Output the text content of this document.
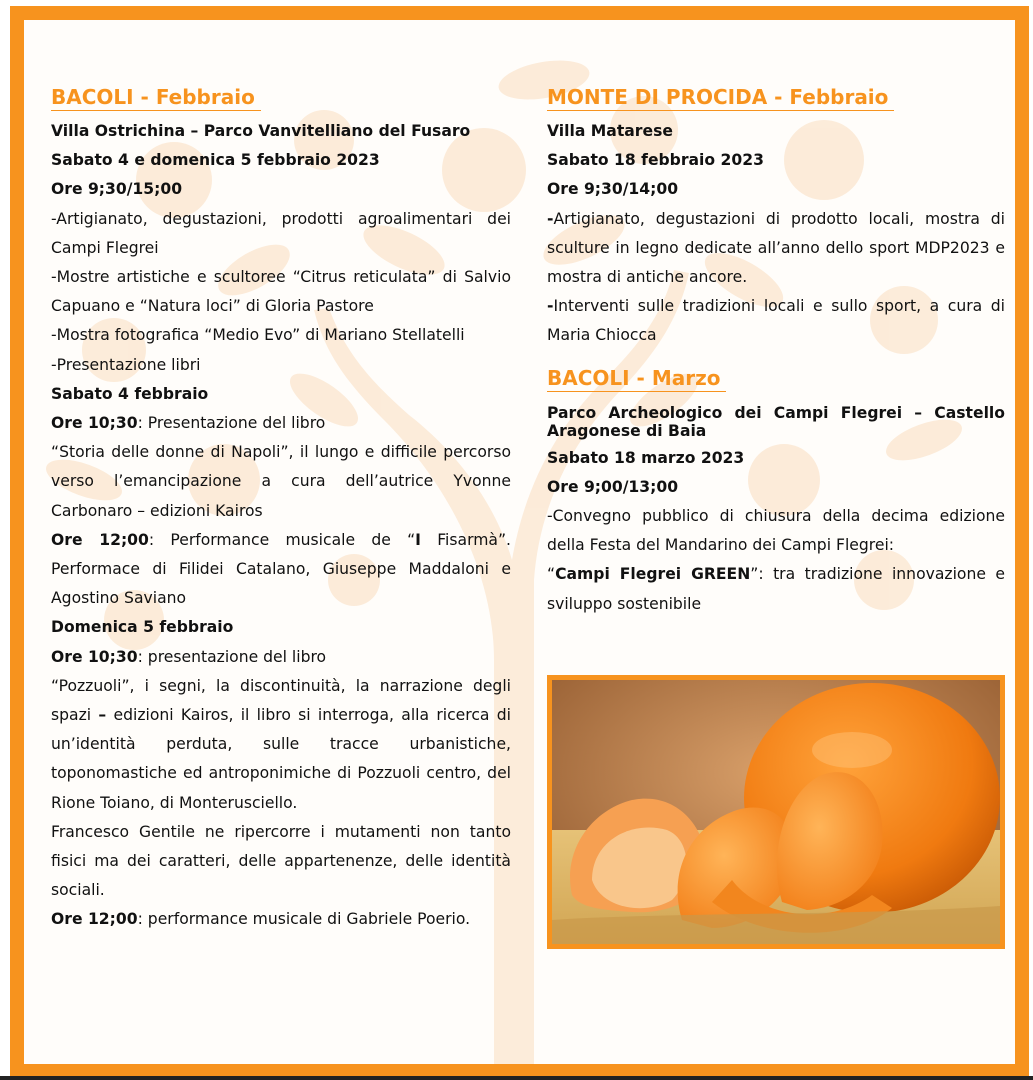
BACOLI - Febbraio

Villa Ostrichina – Parco Vanvitelliano del Fusaro

Sabato 4 e domenica 5 febbraio 2023

Ore 9;30/15;00

-Artigianato, degustazioni, prodotti agroalimentari dei Campi Flegrei

-Mostre artistiche e scultoree “Citrus reticulata” di Salvio Capuano e “Natura loci” di Gloria Pastore

-Mostra fotografica “Medio Evo” di Mariano Stellatelli

-Presentazione libri

Sabato 4 febbraio

Ore 10;30: Presentazione del libro

“Storia delle donne di Napoli”, il lungo e difficile percorso verso l’emancipazione a cura dell’autrice Yvonne Carbonaro – edizioni Kairos

Ore 12;00: Performance musicale de “I Fisarmà”. Performace di Filidei Catalano, Giuseppe Maddaloni e Agostino Saviano

Domenica 5 febbraio

Ore 10;30: presentazione del libro

“Pozzuoli”, i segni, la discontinuità, la narrazione degli spazi – edizioni Kairos, il libro si interroga, alla ricerca di un’identità perduta, sulle tracce urbanistiche, toponomastiche ed antroponimiche di Pozzuoli centro, del Rione Toiano, di Monterusciello.

Francesco Gentile ne ripercorre i mutamenti non tanto fisici ma dei caratteri, delle appartenenze, delle identità sociali.

Ore 12;00: performance musicale di Gabriele Poerio.

MONTE DI PROCIDA - Febbraio

Villa Matarese

Sabato 18 febbraio 2023

Ore 9;30/14;00

-Artigianato, degustazioni di prodotto locali, mostra di sculture in legno dedicate all’anno dello sport MDP2023 e mostra di antiche ancore.

-Interventi sulle tradizioni locali e sullo sport, a cura di Maria Chiocca

BACOLI - Marzo

Parco Archeologico dei Campi Flegrei – Castello Aragonese di Baia

Sabato 18 marzo 2023

Ore 9;00/13;00

-Convegno pubblico di chiusura della decima edizione della Festa del Mandarino dei Campi Flegrei:

“Campi Flegrei GREEN”: tra tradizione innovazione e sviluppo sostenibile
